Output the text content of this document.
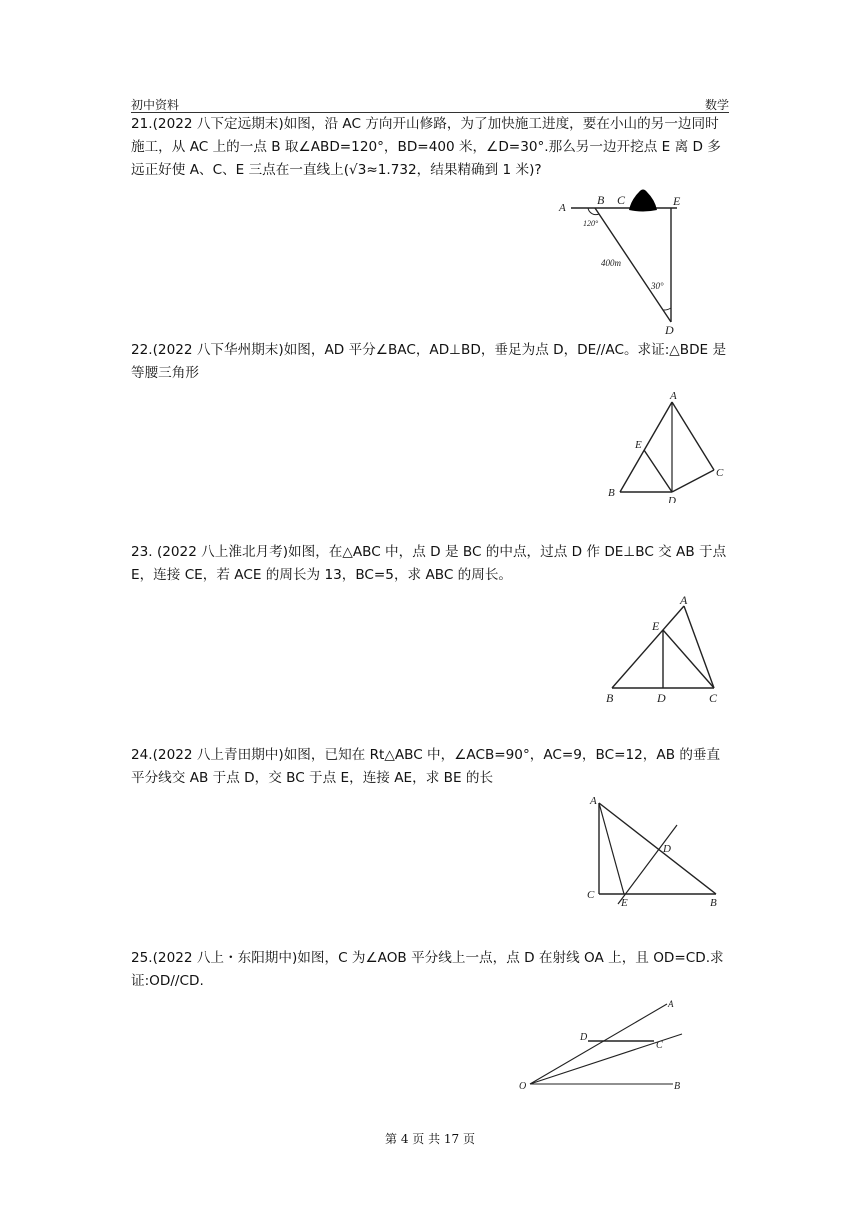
初中资料	数学
21.(2022 八下定远期末)如图，沿 AC 方向开山修路，为了加快施工进度，要在小山的另一边同时施工，从 AC 上的一点 B 取∠ABD=120°，BD=400 米，∠D=30°.那么另一边开挖点 E 离 D 多远正好使 A、C、E 三点在一直线上(√3≈1.732，结果精确到 1 米)?
A
B C	E
D
120°
400m
30°
22.(2022 八下华州期末)如图，AD 平分∠BAC，AD⊥BD，垂足为点 D，DE//AC。求证:△BDE 是等腰三角形
A
E
B
D
C
23. (2022 八上淮北月考)如图，在△ABC 中，点 D 是 BC 的中点，过点 D 作 DE⊥BC 交 AB 于点 E，连接 CE，若 ACE 的周长为 13，BC=5，求 ABC 的周长。
A
E
B	D	C
24.(2022 八上青田期中)如图，已知在 Rt△ABC 中，∠ACB=90°，AC=9，BC=12，AB 的垂直平分线交 AB 于点 D，交 BC 于点 E，连接 AE，求 BE 的长
A
C
E	B
D
25.(2022 八上・东阳期中)如图，C 为∠AOB 平分线上一点，点 D 在射线 OA 上，且 OD=CD.求证:OD//CD.
A
D
C
O	B
第 4 页 共 17 页
